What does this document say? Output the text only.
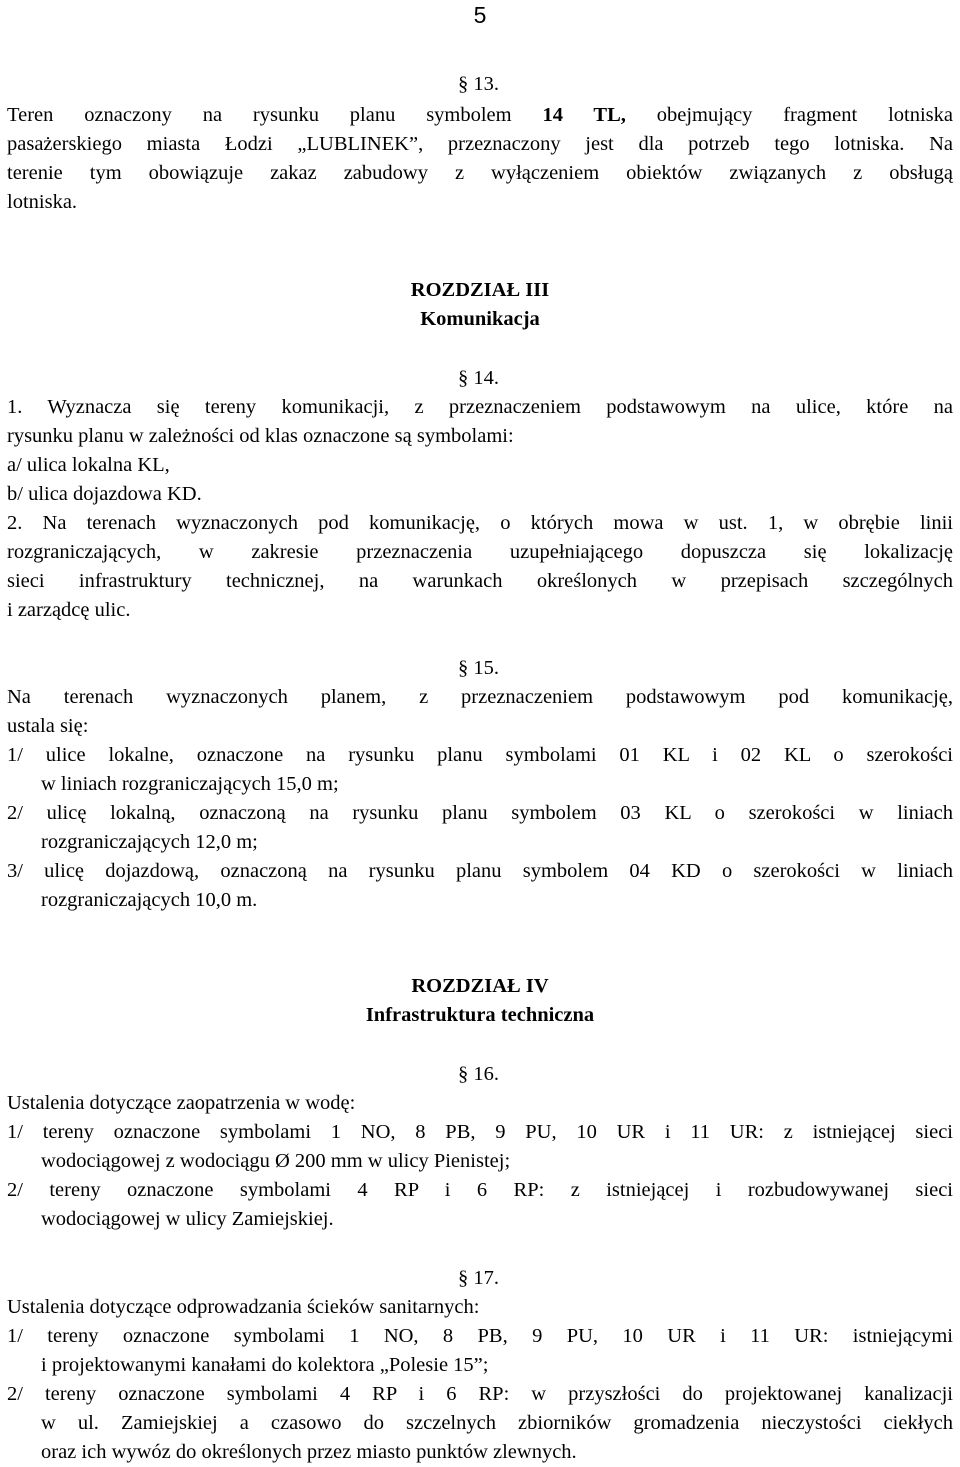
5
§ 13.
Teren oznaczony na rysunku planu symbolem 14 TL, obejmujący fragment lotniska
pasażerskiego miasta Łodzi „LUBLINEK”, przeznaczony jest dla potrzeb tego lotniska. Na
terenie tym obowiązuje zakaz zabudowy z wyłączeniem obiektów związanych z obsługą
lotniska.
ROZDZIAŁ III
Komunikacja
§ 14.
1. Wyznacza się tereny komunikacji, z przeznaczeniem podstawowym na ulice, które na
rysunku planu w zależności od klas oznaczone są symbolami:
a/ ulica lokalna KL,
b/ ulica dojazdowa KD.
2. Na terenach wyznaczonych pod komunikację, o których mowa w ust. 1, w obrębie linii
rozgraniczających, w zakresie przeznaczenia uzupełniającego dopuszcza się lokalizację
sieci infrastruktury technicznej, na warunkach określonych w przepisach szczególnych
i zarządcę ulic.
§ 15.
Na terenach wyznaczonych planem, z przeznaczeniem podstawowym pod komunikację,
ustala się:
1/ ulice lokalne, oznaczone na rysunku planu symbolami 01 KL i 02 KL o szerokości
w liniach rozgraniczających 15,0 m;
2/ ulicę lokalną, oznaczoną na rysunku planu symbolem 03 KL o szerokości w liniach
rozgraniczających 12,0 m;
3/ ulicę dojazdową, oznaczoną na rysunku planu symbolem 04 KD o szerokości w liniach
rozgraniczających 10,0 m.
ROZDZIAŁ IV
Infrastruktura techniczna
§ 16.
Ustalenia dotyczące zaopatrzenia w wodę:
1/ tereny oznaczone symbolami 1 NO, 8 PB, 9 PU, 10 UR i 11 UR: z istniejącej sieci
wodociągowej z wodociągu Ø 200 mm w ulicy Pienistej;
2/ tereny oznaczone symbolami 4 RP i 6 RP: z istniejącej i rozbudowywanej sieci
wodociągowej w ulicy Zamiejskiej.
§ 17.
Ustalenia dotyczące odprowadzania ścieków sanitarnych:
1/ tereny oznaczone symbolami 1 NO, 8 PB, 9 PU, 10 UR i 11 UR: istniejącymi
i projektowanymi kanałami do kolektora „Polesie 15”;
2/ tereny oznaczone symbolami 4 RP i 6 RP: w przyszłości do projektowanej kanalizacji
w ul. Zamiejskiej a czasowo do szczelnych zbiorników gromadzenia nieczystości ciekłych
oraz ich wywóz do określonych przez miasto punktów zlewnych.
